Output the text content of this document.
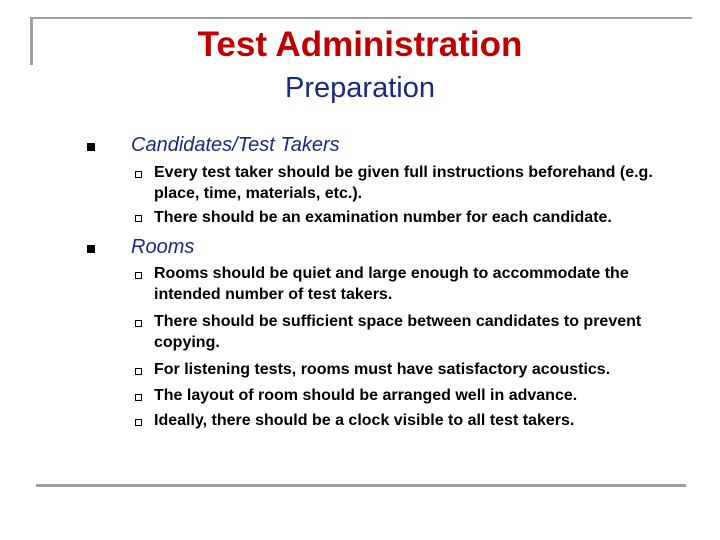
Test Administration
Preparation
Candidates/Test Takers
Every test taker should be given full instructions beforehand (e.g. place, time, materials, etc.).
There should be an examination number for each candidate.
Rooms
Rooms should be quiet and large enough to accommodate the intended number of test takers.
There should be sufficient space between candidates to prevent copying.
For listening tests, rooms must have satisfactory acoustics.
The layout of room should be arranged well in advance.
Ideally, there should be a clock visible to all test takers.
